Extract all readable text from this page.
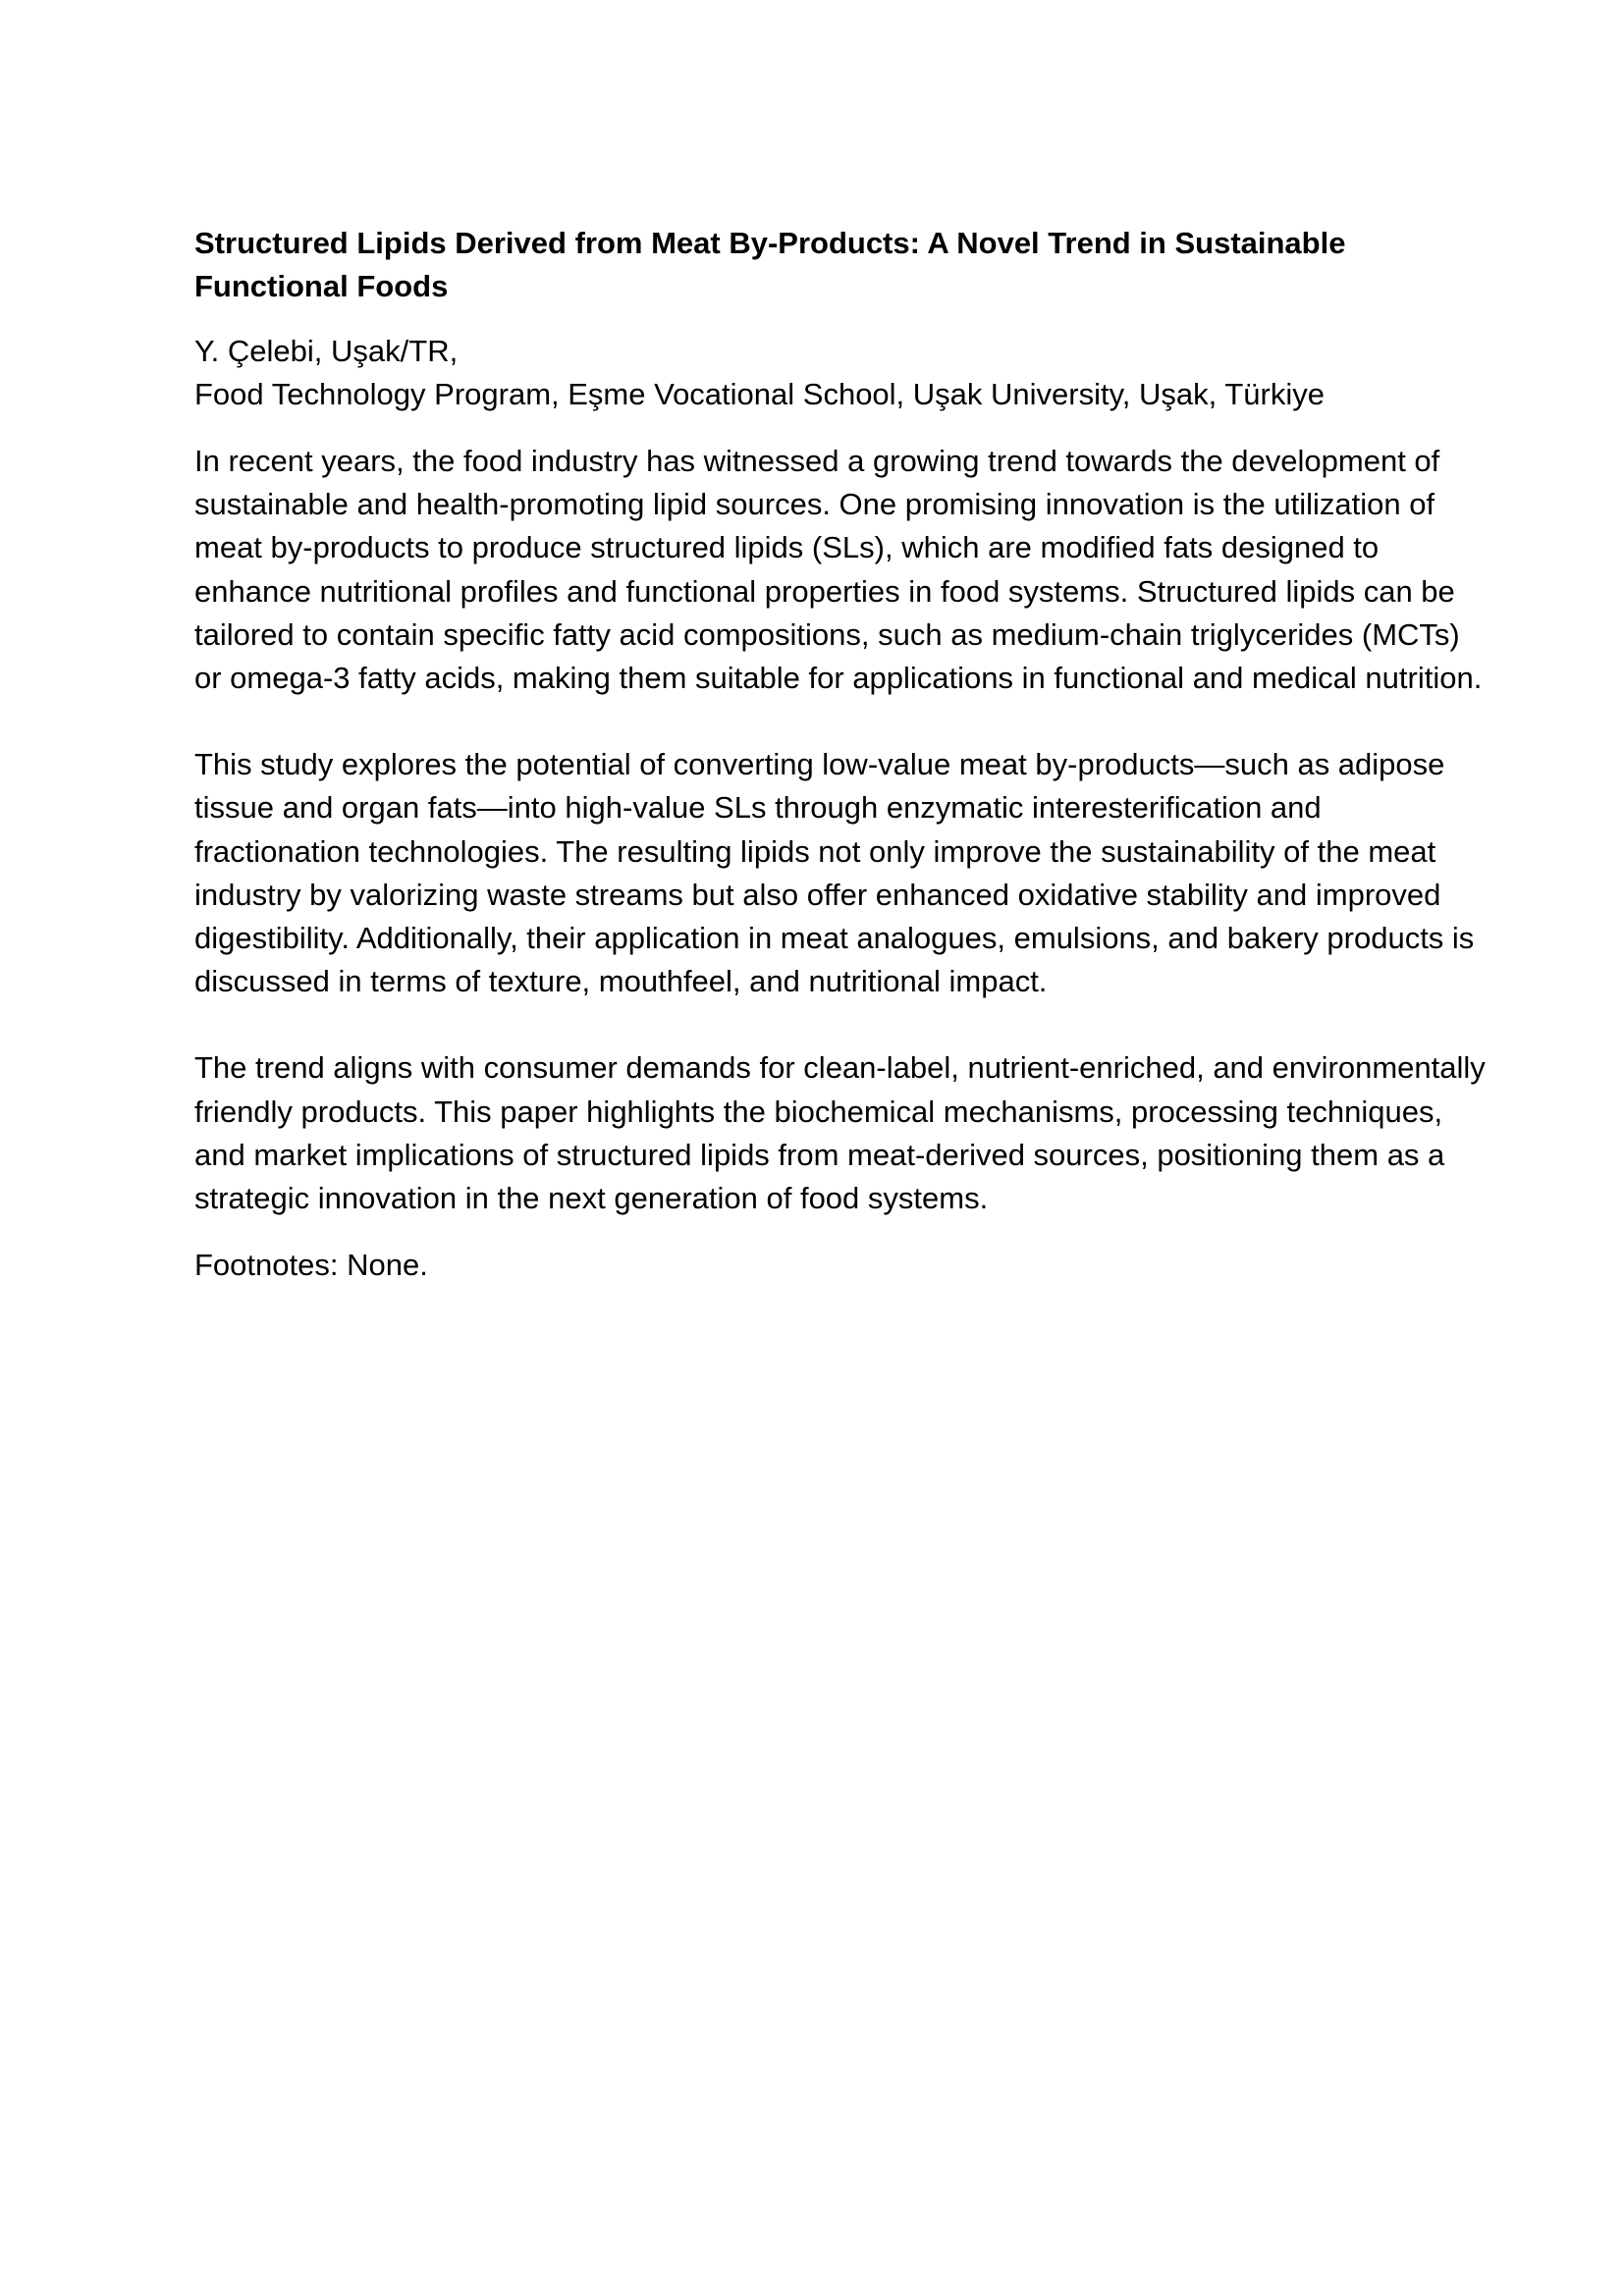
Structured Lipids Derived from Meat By-Products: A Novel Trend in Sustainable Functional Foods
Y. Çelebi, Uşak/TR,
Food Technology Program, Eşme Vocational School, Uşak University, Uşak, Türkiye

In recent years, the food industry has witnessed a growing trend towards the development of sustainable and health-promoting lipid sources. One promising innovation is the utilization of meat by-products to produce structured lipids (SLs), which are modified fats designed to enhance nutritional profiles and functional properties in food systems. Structured lipids can be tailored to contain specific fatty acid compositions, such as medium-chain triglycerides (MCTs) or omega-3 fatty acids, making them suitable for applications in functional and medical nutrition.

This study explores the potential of converting low-value meat by-products—such as adipose tissue and organ fats—into high-value SLs through enzymatic interesterification and fractionation technologies. The resulting lipids not only improve the sustainability of the meat industry by valorizing waste streams but also offer enhanced oxidative stability and improved digestibility. Additionally, their application in meat analogues, emulsions, and bakery products is discussed in terms of texture, mouthfeel, and nutritional impact.

The trend aligns with consumer demands for clean-label, nutrient-enriched, and environmentally friendly products. This paper highlights the biochemical mechanisms, processing techniques, and market implications of structured lipids from meat-derived sources, positioning them as a strategic innovation in the next generation of food systems.

Footnotes: None.
